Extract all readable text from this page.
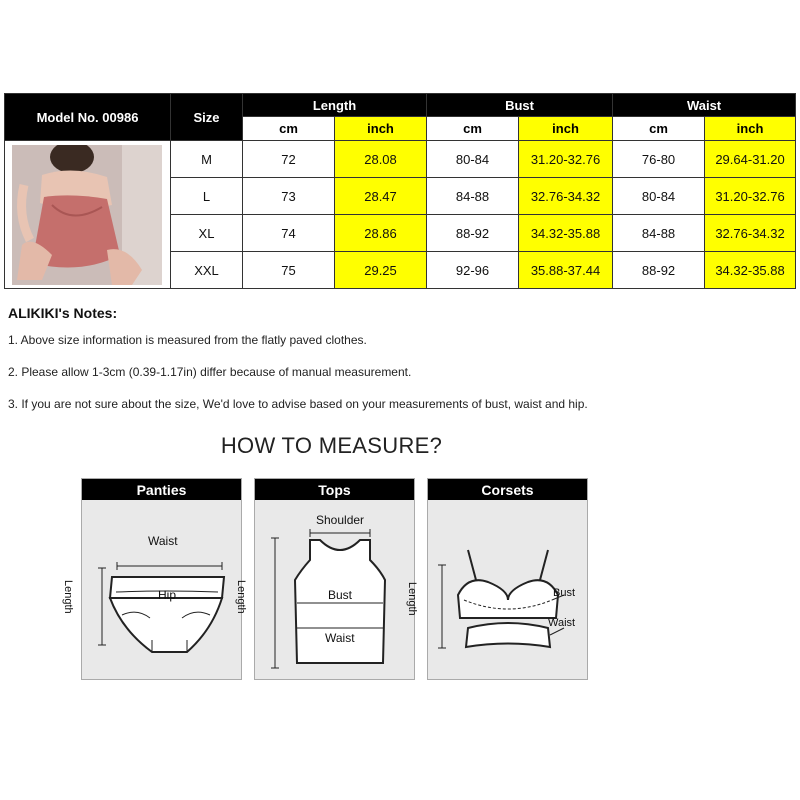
Model No. 00986	Size	Length		Bust		Waist	
		cm	inch	cm	inch	cm	inch

	M	72	28.08	80-84	31.20-32.76	76-80	29.64-31.20
	L	73	28.47	84-88	32.76-34.32	80-84	31.20-32.76
	XL	74	28.86	88-92	34.32-35.88	84-88	32.76-34.32
	XXL	75	29.25	92-96	35.88-37.44	88-92	34.32-35.88
ALIKIKI's Notes:
1. Above size information is measured from the flatly paved clothes.
2. Please allow 1-3cm (0.39-1.17in) differ because of manual measurement.
3. If you are not sure about the size, We'd love to advise based on your measurements of bust, waist and hip.
HOW TO MEASURE?
Panties
Waist
Hip
Length
Tops
Shoulder
Bust
Waist
Length
Corsets
Bust
Waist
Length
